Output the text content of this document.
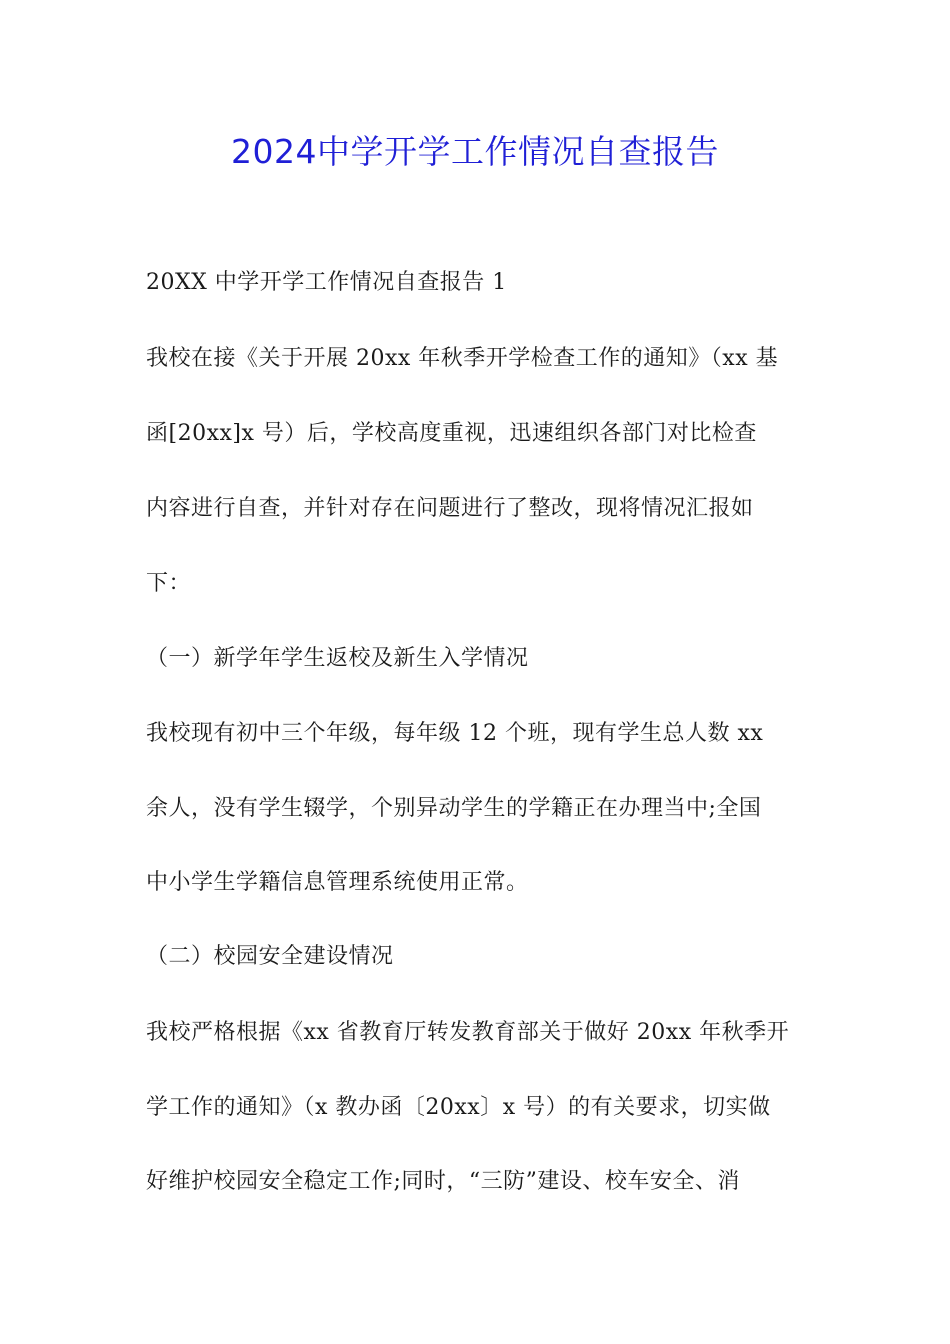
2024中学开学工作情况自查报告
20XX 中学开学工作情况自查报告 1
我校在接《关于开展 20xx 年秋季开学检查工作的通知》（xx 基
函[20xx]x 号）后，学校高度重视，迅速组织各部门对比检查
内容进行自查，并针对存在问题进行了整改，现将情况汇报如
下：
（一）新学年学生返校及新生入学情况
我校现有初中三个年级，每年级 12 个班，现有学生总人数 xx
余人，没有学生辍学，个别异动学生的学籍正在办理当中;全国
中小学生学籍信息管理系统使用正常。
（二）校园安全建设情况
我校严格根据《xx 省教育厅转发教育部关于做好 20xx 年秋季开
学工作的通知》（x 教办函〔20xx〕x 号）的有关要求，切实做
好维护校园安全稳定工作;同时，“三防”建设、校车安全、消
